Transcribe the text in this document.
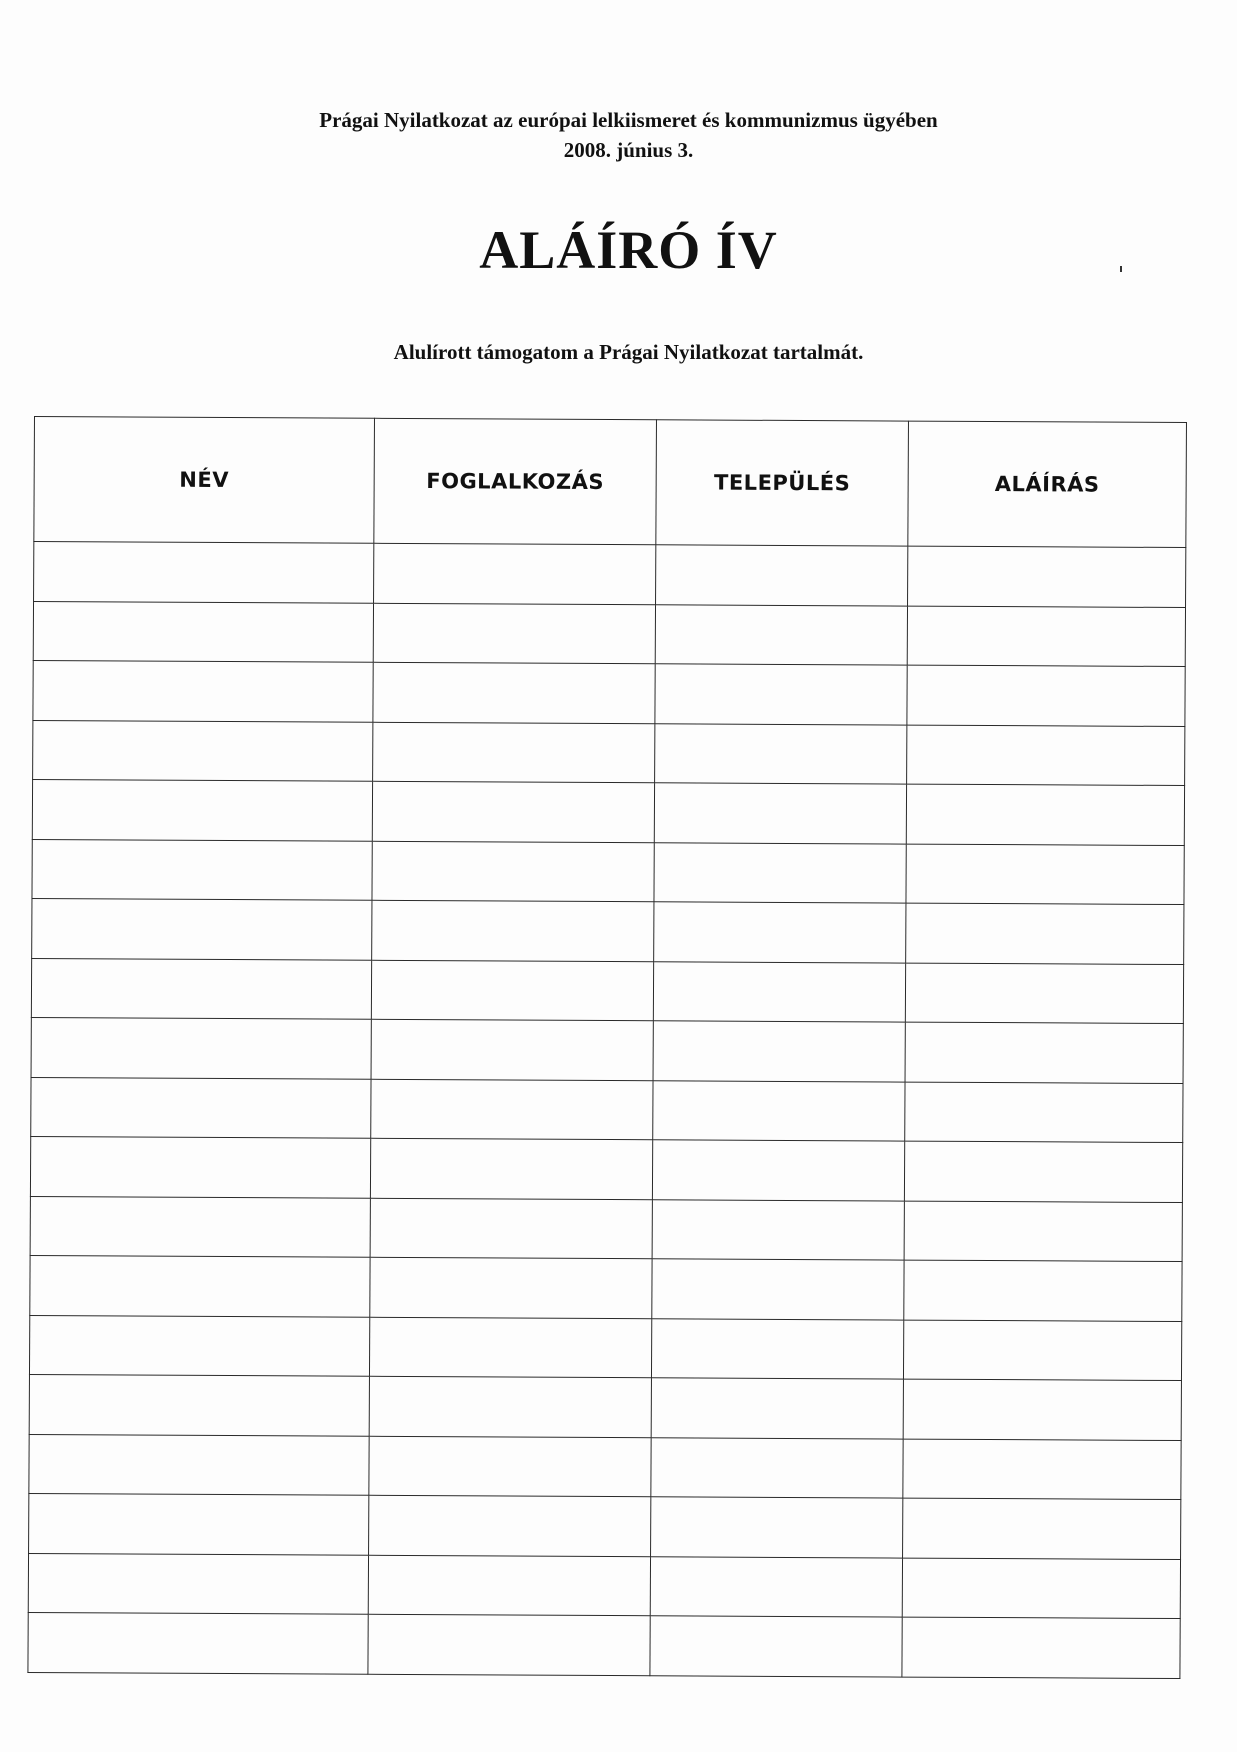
Prágai Nyilatkozat az európai lelkiismeret és kommunizmus ügyében
2008. június 3.
ALÁÍRÓ ÍV
Alulírott támogatom a Prágai Nyilatkozat tartalmát.
NÉV	FOGLALKOZÁS	TELEPÜLÉS	ALÁÍRÁS
